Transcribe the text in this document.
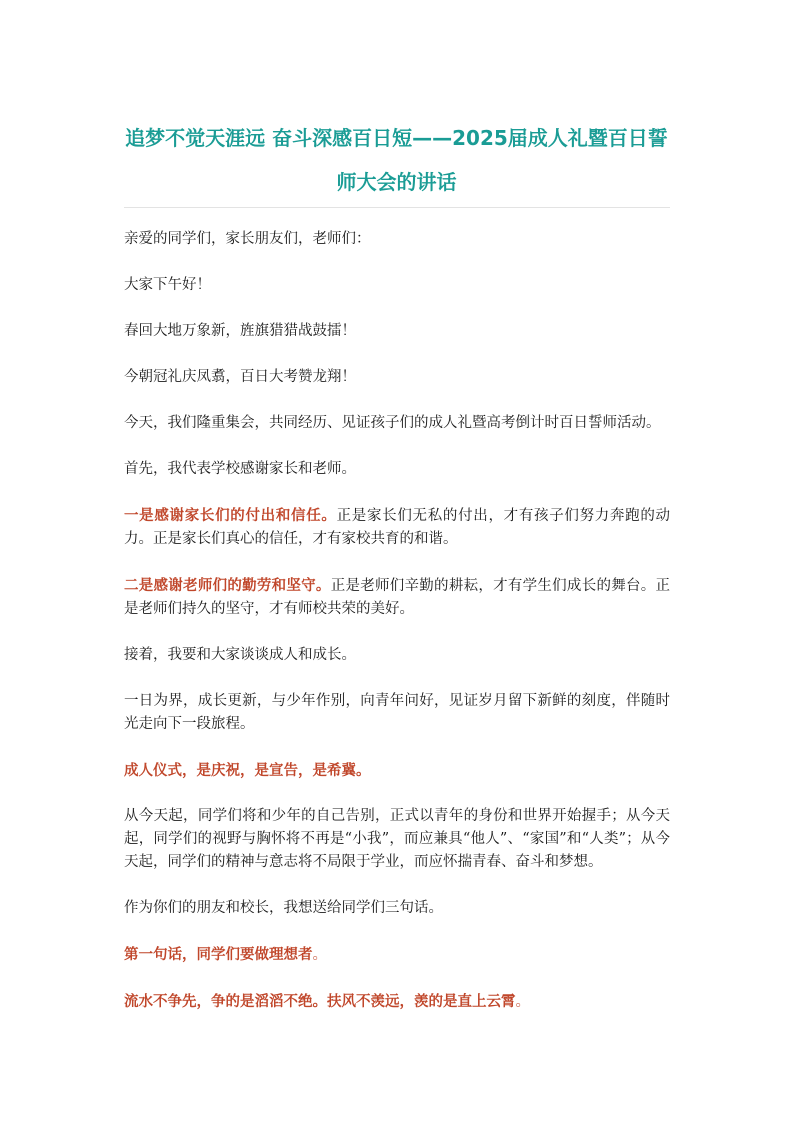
追梦不觉天涯远 奋斗深感百日短——2025届成人礼暨百日誓师大会的讲话

亲爱的同学们，家长朋友们，老师们：

大家下午好！

春回大地万象新，旌旗猎猎战鼓擂！

今朝冠礼庆凤翥，百日大考赞龙翔！

今天，我们隆重集会，共同经历、见证孩子们的成人礼暨高考倒计时百日誓师活动。

首先，我代表学校感谢家长和老师。

一是感谢家长们的付出和信任。正是家长们无私的付出，才有孩子们努力奔跑的动力。正是家长们真心的信任，才有家校共育的和谐。

二是感谢老师们的勤劳和坚守。正是老师们辛勤的耕耘，才有学生们成长的舞台。正是老师们持久的坚守，才有师校共荣的美好。

接着，我要和大家谈谈成人和成长。

一日为界，成长更新，与少年作别，向青年问好，见证岁月留下新鲜的刻度，伴随时光走向下一段旅程。

成人仪式，是庆祝，是宣告，是希冀。

从今天起，同学们将和少年的自己告别，正式以青年的身份和世界开始握手；从今天起，同学们的视野与胸怀将不再是“小我”，而应兼具“他人”、“家国”和“人类”；从今天起，同学们的精神与意志将不局限于学业，而应怀揣青春、奋斗和梦想。

作为你们的朋友和校长，我想送给同学们三句话。

第一句话，同学们要做理想者。

流水不争先，争的是滔滔不绝。扶风不羡远，羡的是直上云霄。
